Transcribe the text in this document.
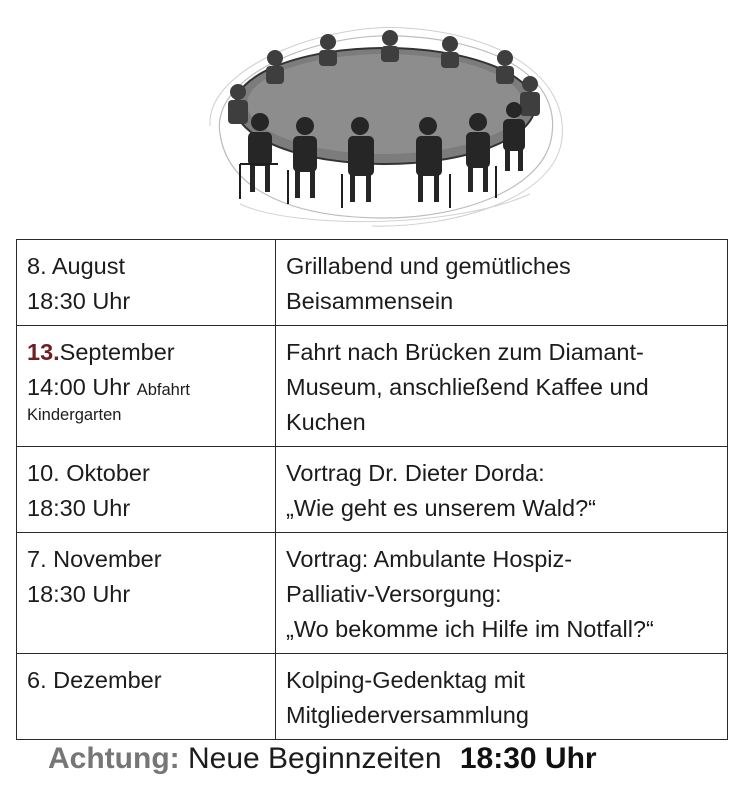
8. August
18:30 Uhr	Grillabend und gemütliches
Beisammensein

13.September
14:00 Uhr Abfahrt
Kindergarten	Fahrt nach Brücken zum Diamant-
Museum, anschließend Kaffee und
Kuchen

10. Oktober
18:30 Uhr	Vortrag Dr. Dieter Dorda:
„Wie geht es unserem Wald?“

7. November
18:30 Uhr	Vortrag: Ambulante Hospiz-
Palliativ-Versorgung:
„Wo bekomme ich Hilfe im Notfall?“

6. Dezember	Kolping-Gedenktag mit
Mitgliederversammlung
Achtung: Neue Beginnzeiten 18:30 Uhr
